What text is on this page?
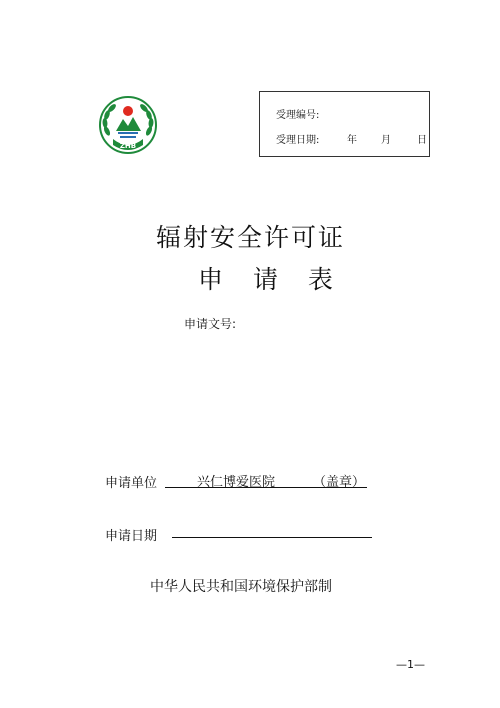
ZHB
受理编号:
受理日期:	年 月	日
辐射安全许可证
申 请 表
申请文号:
申请单位	兴仁博爱医院	（盖章）
申请日期
中华人民共和国环境保护部制
—1—
